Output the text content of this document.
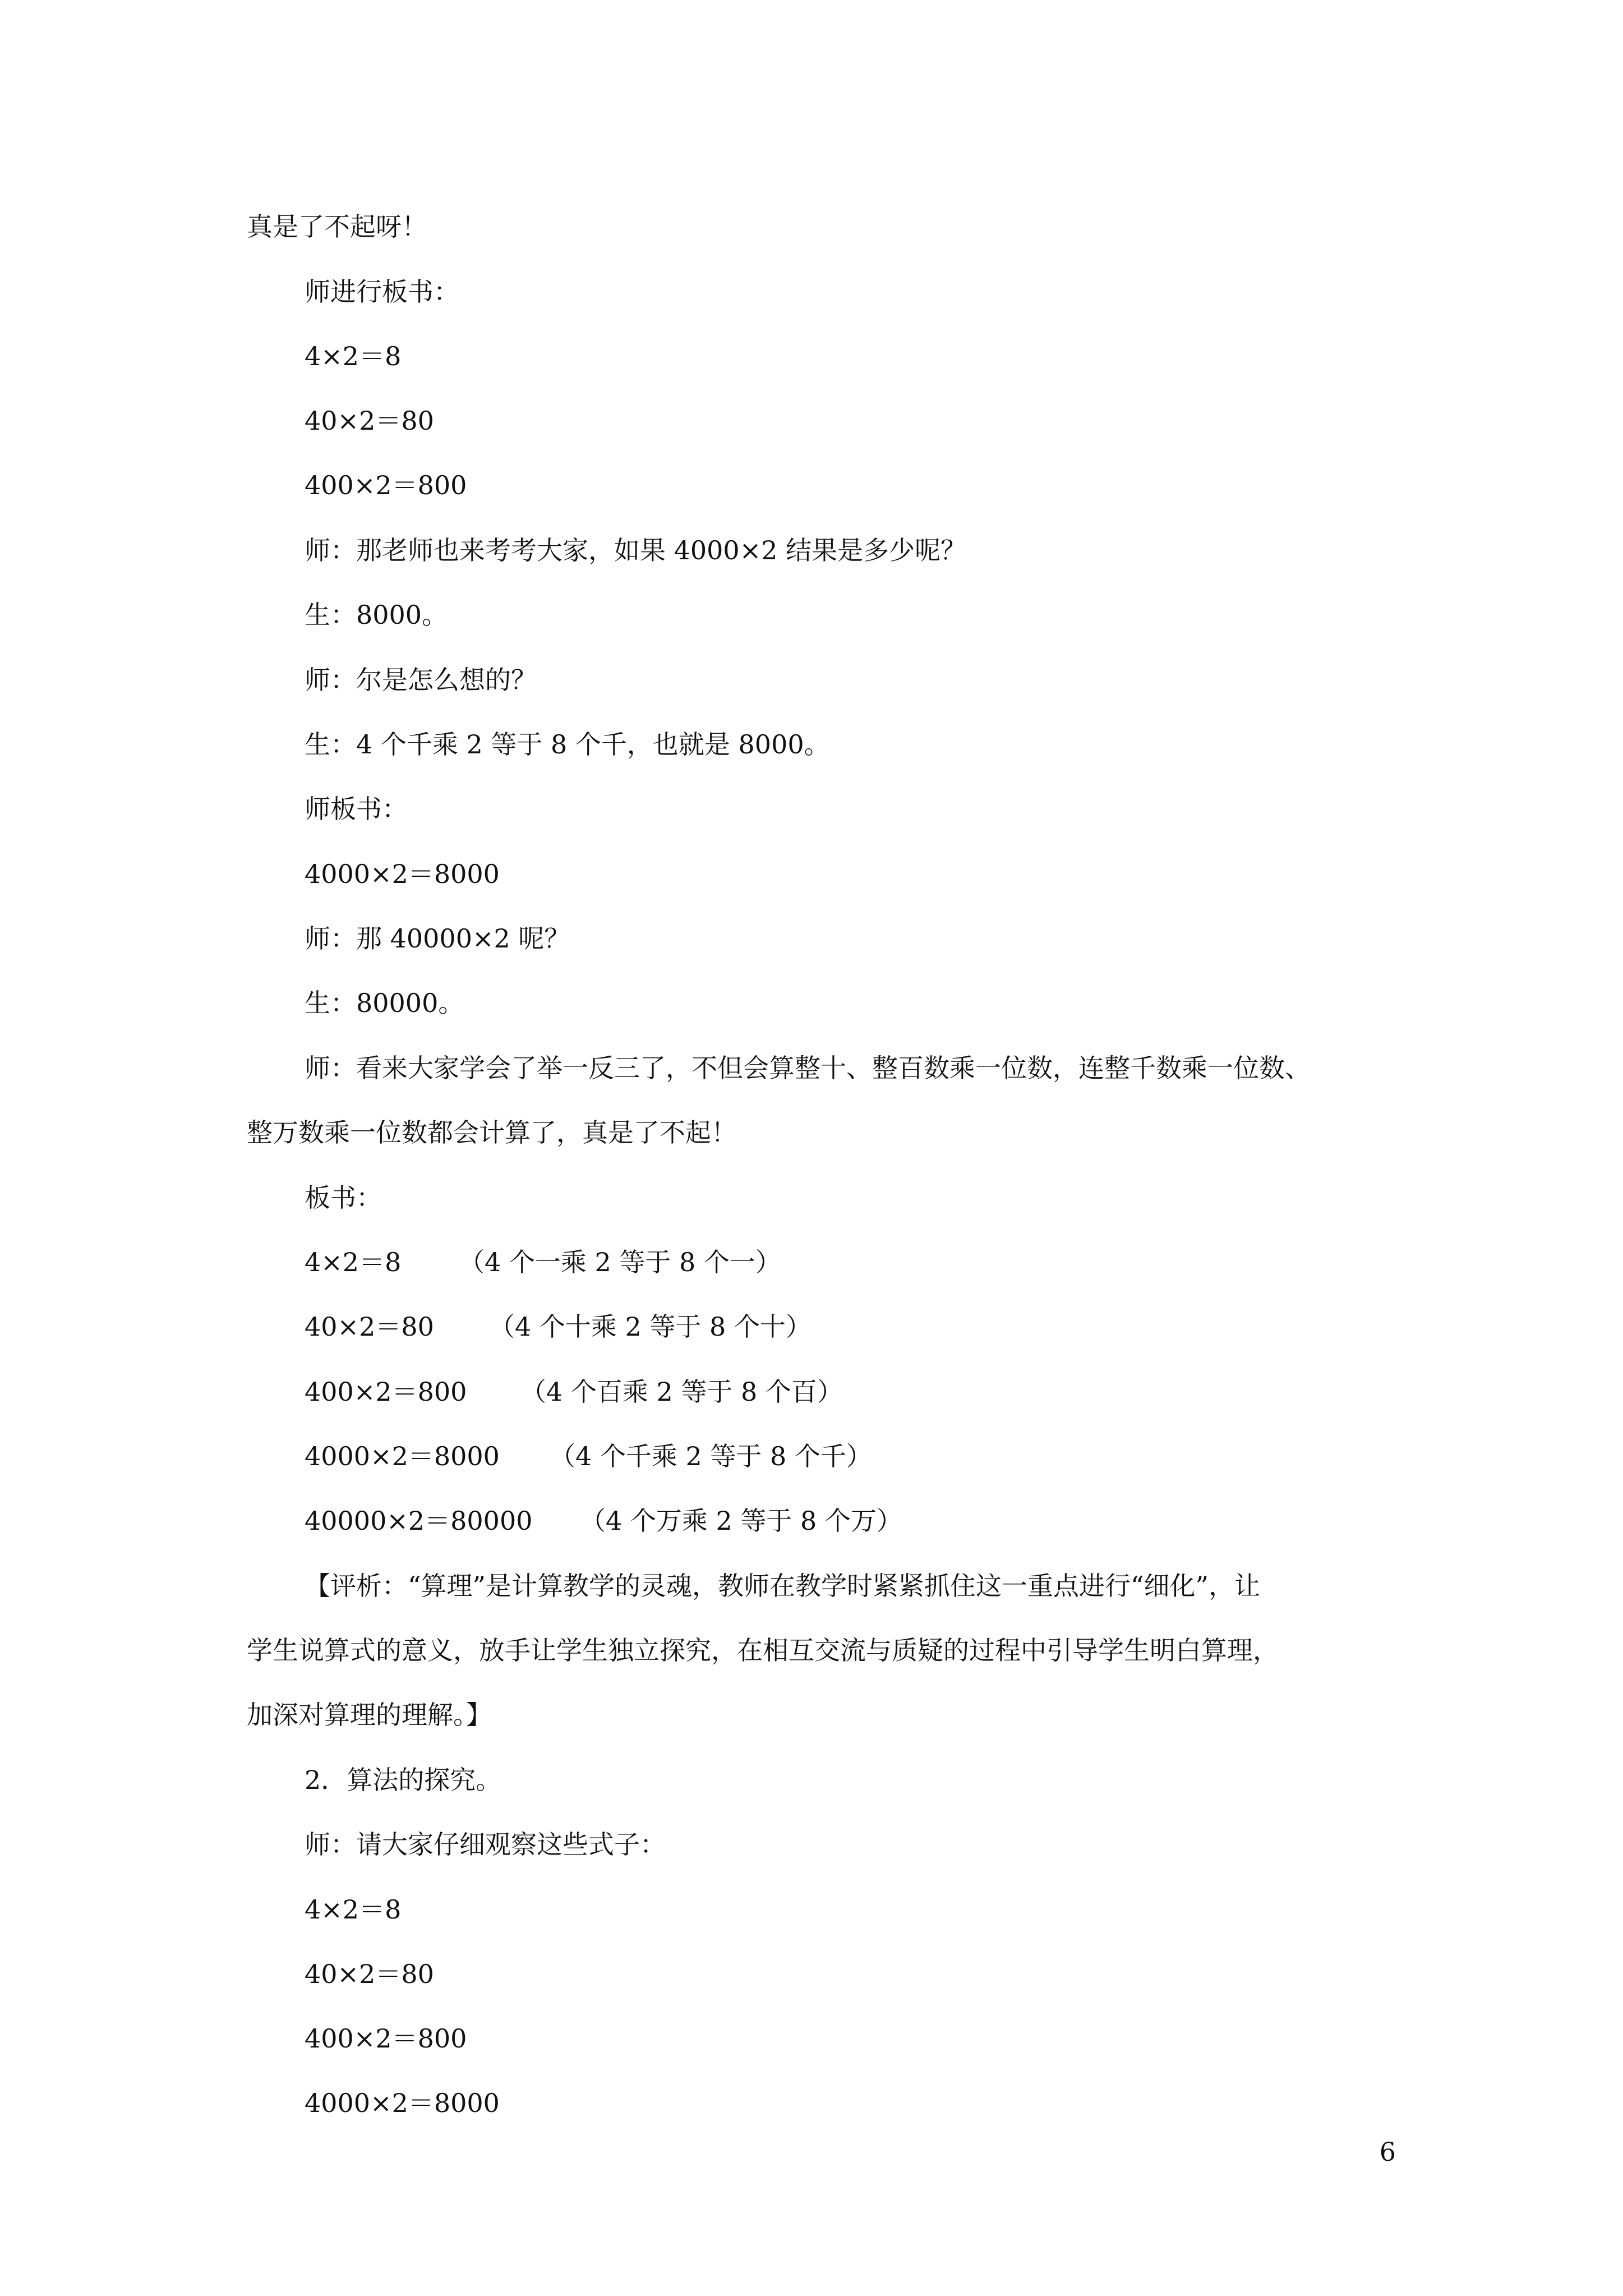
真是了不起呀！
师进行板书：
4×2＝8
40×2＝80
400×2＝800
师：那老师也来考考大家，如果 4000×2 结果是多少呢？
生：8000。
师：尔是怎么想的？
生：4 个千乘 2 等于 8 个千，也就是 8000。
师板书：
4000×2＝8000
师：那 40000×2 呢？
生：80000。
师：看来大家学会了举一反三了，不但会算整十、整百数乘一位数，连整千数乘一位数、
整万数乘一位数都会计算了，真是了不起！
板书：
4×2＝8 （4 个一乘 2 等于 8 个一）
40×2＝80 （4 个十乘 2 等于 8 个十）
400×2＝800 （4 个百乘 2 等于 8 个百）
4000×2＝8000 （4 个千乘 2 等于 8 个千）
40000×2＝80000 （4 个万乘 2 等于 8 个万）
【评析：“算理”是计算教学的灵魂，教师在教学时紧紧抓住这一重点进行“细化”，让
学生说算式的意义，放手让学生独立探究，在相互交流与质疑的过程中引导学生明白算理，
加深对算理的理解。】
2．算法的探究。
师：请大家仔细观察这些式子：
4×2＝8
40×2＝80
400×2＝800
4000×2＝8000
6
